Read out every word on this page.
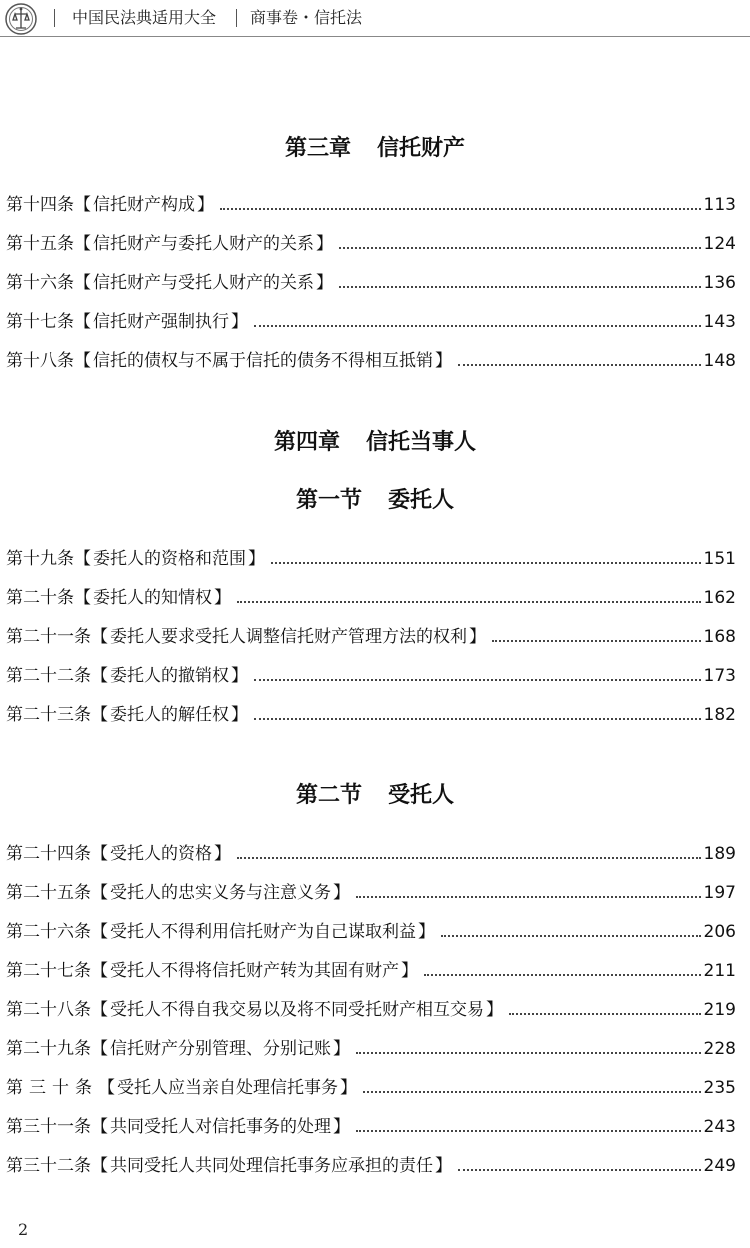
中国民法典适用大全 商事卷・信托法
第三章 信托财产
第十四条 【 信托财产构成 】	113
第十五条 【 信托财产与委托人财产的关系 】	124
第十六条 【 信托财产与受托人财产的关系 】	136
第十七条 【 信托财产强制执行 】	143
第十八条 【 信托的债权与不属于信托的债务不得相互抵销 】	148
第四章 信托当事人
第一节 委托人
第十九条 【 委托人的资格和范围 】	151
第二十条 【 委托人的知情权 】	162
第二十一条 【 委托人要求受托人调整信托财产管理方法的权利 】	168
第二十二条 【 委托人的撤销权 】	173
第二十三条 【 委托人的解任权 】	182
第二节 受托人
第二十四条 【 受托人的资格 】	189
第二十五条 【 受托人的忠实义务与注意义务 】	197
第二十六条 【 受托人不得利用信托财产为自己谋取利益 】	206
第二十七条 【 受托人不得将信托财产转为其固有财产 】	211
第二十八条 【 受托人不得自我交易以及将不同受托财产相互交易 】	219
第二十九条 【 信托财产分别管理、分别记账 】	228
第三十条 【 受托人应当亲自处理信托事务 】	235
第三十一条 【 共同受托人对信托事务的处理 】	243
第三十二条 【 共同受托人共同处理信托事务应承担的责任 】	249
2
